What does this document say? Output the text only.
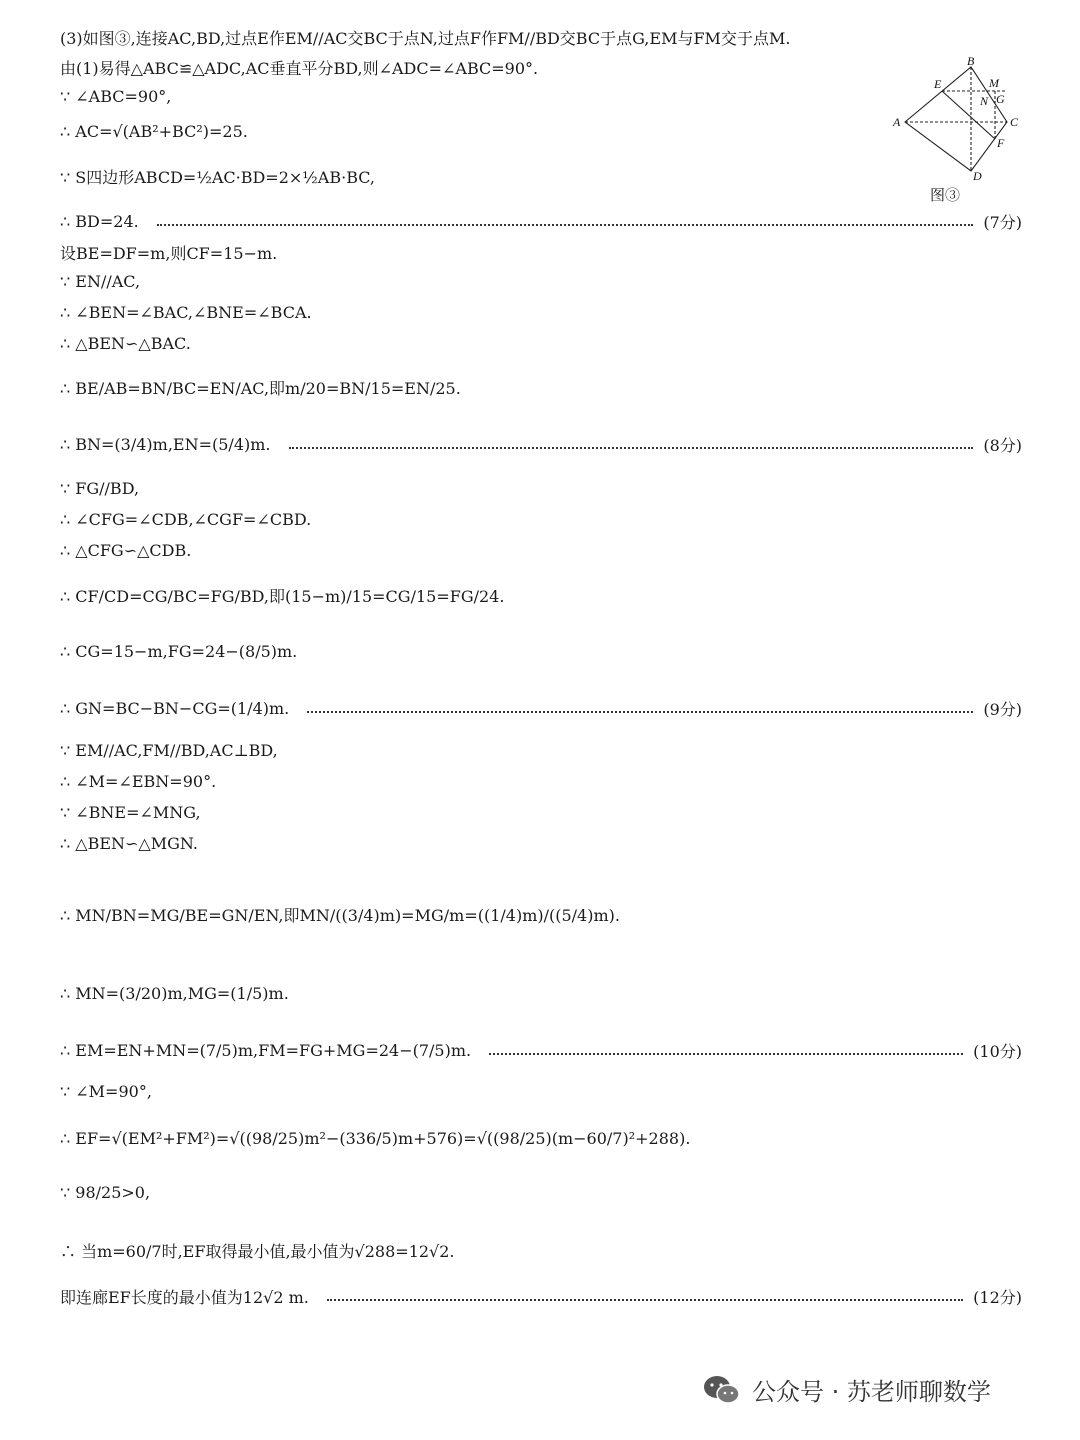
(3)如图③,连接AC,BD,过点E作EM//AC交BC于点N,过点F作FM//BD交BC于点G,EM与FM交于点M.
由(1)易得△ABC≌△ADC,AC垂直平分BD,则∠ADC=∠ABC=90°.
∵ ∠ABC=90°,
∴ AC=√(AB²+BC²)=25.
∵ S四边形ABCD=½AC·BD=2×½AB·BC,
∴ BD=24.	(7分)
设BE=DF=m,则CF=15−m.
∵ EN//AC,
∴ ∠BEN=∠BAC,∠BNE=∠BCA.
∴ △BEN∽△BAC.
∴ BE/AB=BN/BC=EN/AC,即m/20=BN/15=EN/25.
∴ BN=(3/4)m,EN=(5/4)m.	(8分)
∵ FG//BD,
∴ ∠CFG=∠CDB,∠CGF=∠CBD.
∴ △CFG∽△CDB.
∴ CF/CD=CG/BC=FG/BD,即(15−m)/15=CG/15=FG/24.
∴ CG=15−m,FG=24−(8/5)m.
∴ GN=BC−BN−CG=(1/4)m.	(9分)
∵ EM//AC,FM//BD,AC⊥BD,
∴ ∠M=∠EBN=90°.
∵ ∠BNE=∠MNG,
∴ △BEN∽△MGN.
∴ MN/BN=MG/BE=GN/EN,即MN/((3/4)m)=MG/m=((1/4)m)/((5/4)m).
∴ MN=(3/20)m,MG=(1/5)m.
∴ EM=EN+MN=(7/5)m,FM=FG+MG=24−(7/5)m.	(10分)
∵ ∠M=90°,
∴ EF=√(EM²+FM²)=√((98/25)m²−(336/5)m+576)=√((98/25)(m−60/7)²+288).
∵ 98/25>0,
∴ 当m=60/7时,EF取得最小值,最小值为√288=12√2.
即连廊EF长度的最小值为12√2 m.	(12分)
A
B
C
D
E
F
G
M
N
图③
公众号 · 苏老师聊数学
